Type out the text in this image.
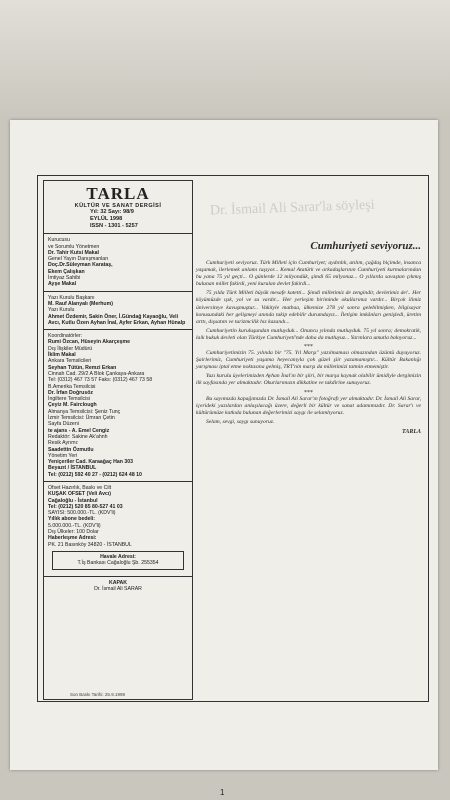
Dr. İsmail Ali Sarar'la söyleşi
TARLA
KÜLTÜR VE SANAT DERGİSİ
Yıl: 32 Sayı: 98/9
EYLÜL 1998
ISSN - 1301 - 5257
Kurucusu
ve Sorumlu Yönetmen
Dr. Tahir Kutsi Makal
Genel Yayın Danışmanları
Doç.Dr.Süleyman Karataş,
Ekem Çalışkan
İmtiyaz Sahibi
Ayşe Makal
Yazı Kurulu Başkanı
M. Rauf Alanyalı (Merhum)
Yazı Kurulu
Ahmet Özdemir, Sakin Öner, İ.Gündağ Kayaoğlu, Veli Avcı, Kutlu Özen Ayhan İnal, Ayfer Erkan, Ayhan Hünalp
Koordinatörler:
Rumi Özcan, Hüseyin Akarçeşme
Dış İlişkiler Müdürü
İklim Makal
Ankara Temsilcileri
Seyhan Tütün, Remzi Erkan
Cinnah Cad. 29/2 A Blok Çankaya-Ankara
Tel: (0312) 467 73 57 Faks: (0312) 467 73 58
B.Amerika Temsilcisi
Dr. İrfan Doğrusöz
İngiltere Temsilcisi
Çeyiz M. Fairclough
Almanya Temsilcisi: Şeniz Tunç
İzmir Temsilcisi: Ümran Çetin
Sayfa Düzeni
te ajans - A. Emel Cengiz
Redaktör: Sakine Ak'ahnh
Resik Ayrımı:
Saadettin Özmutlu
Yönetim Yeri
Yeniçeriler Cad. Karaağaç Han 303
Beyazıt / İSTANBUL
Tel: (0212) 592 40 27 - (0212) 624 48 10
Ofset Hazırlık, Baskı ve Cilt
KUŞAK OFSET (Veli Avcı)
Cağaloğlu - İstanbul
Tel: (0212) 520 85 80-527 41 03
SAYISI: 500.000.-TL. (KDV'li)
Yıllık abone bedeli:
5.000.000.-TL. (KDV'li)
Dış Ülkeler: 100 Dolar
Haberleşme Adresi:
PK. 21 Basınköy 34820 - İSTANBUL
Havale Adresi:
T.İş Bankası Cağaloğlu Şb. 255354
KAPAK
Dr. İsmail Ali SARAR
Son Baskı Tarihi: 25.9.1998
Cumhuriyeti seviyoruz...

Cumhuriyeti seviyoruz. Türk Milleti için Cumhuriyet; aydınlık, atılım, çağdaş biçimde, insanca yaşamak, ilerlemek anlamı taşıyor... Kemal Atatürk ve arkadaşlarının Cumhuriyeti kurmalarından bu yana 75 yıl geçti... O günlerde 12 milyondük, şimdi 65 milyonuz... O yıllarda savaştan çıkmış bulunan millet fakirdi, yeni kurulan devlet fakirdi...

75 yılda Türk Milleti büyük mesafe katetti... Şimdi milletimiz de zengindir, devletimiz de!.. Her köyümüzde ışık, yol ve su vardır... Her yerleşim biriminde okullarımız vardır... Birçok ilimiz üniversiteye kavuşmuştur... Vakityle matbaa, ülkemize 278 yıl sonra gelebilmişken, bilgisayar konusundaki her gelişmeyi anında takip edebilir durumdayız... İletişim imkânları genişledi, üretim arttı, dışsatım ve turizmcilik hız kazandı...

Cumhuriyetin kuruluşundan mutluyduk... Onuncu yılında mutluyduk. 75 yıl sonra; demokratik, laik hukuk devleti olan Türkiye Cumhuriyeti'nde daha da mutluyuz... Yarınlara umutla bakıyoruz...

***

Cumhuriyetimizin 75. yılında bir "75. Yıl Marşı" yazılmaması olmazından üzüntü duyuyoruz. Şairlerimiz, Cumhuriyeti yaşama heyecanıyla çok güzel şiir yazamamıştır... Kültür Bakanlığı yarışması iptal etme noktasına gelmiş, TRT'nin marşı da milletimizi tatmin etmemiştir.

Yazı kurulu üyelerimizden Ayhan İnal'ın bir şiiri, bir marşa kaynak olabilir ümidiyle dergimizin ilk sayfasında yer almaktadır. Okurlarımızın dikkatine ve takdirine sunuyoruz.

***

Bu sayımızda kapağımızda Dr. İsmail Ali Sarar'ın fotoğrafı yer almaktadır. Dr. İsmail Ali Sarar, içerideki yazılardan anlaşılacağı üzere, değerli bir kültür ve sanat adamımızdır. Dr. Sarar'ı ve kültürümüze katkıda bulunan değerlerimizi saygı ile selamlıyoruz.

Selam, sevgi, saygı sunuyoruz.

TARLA
1
